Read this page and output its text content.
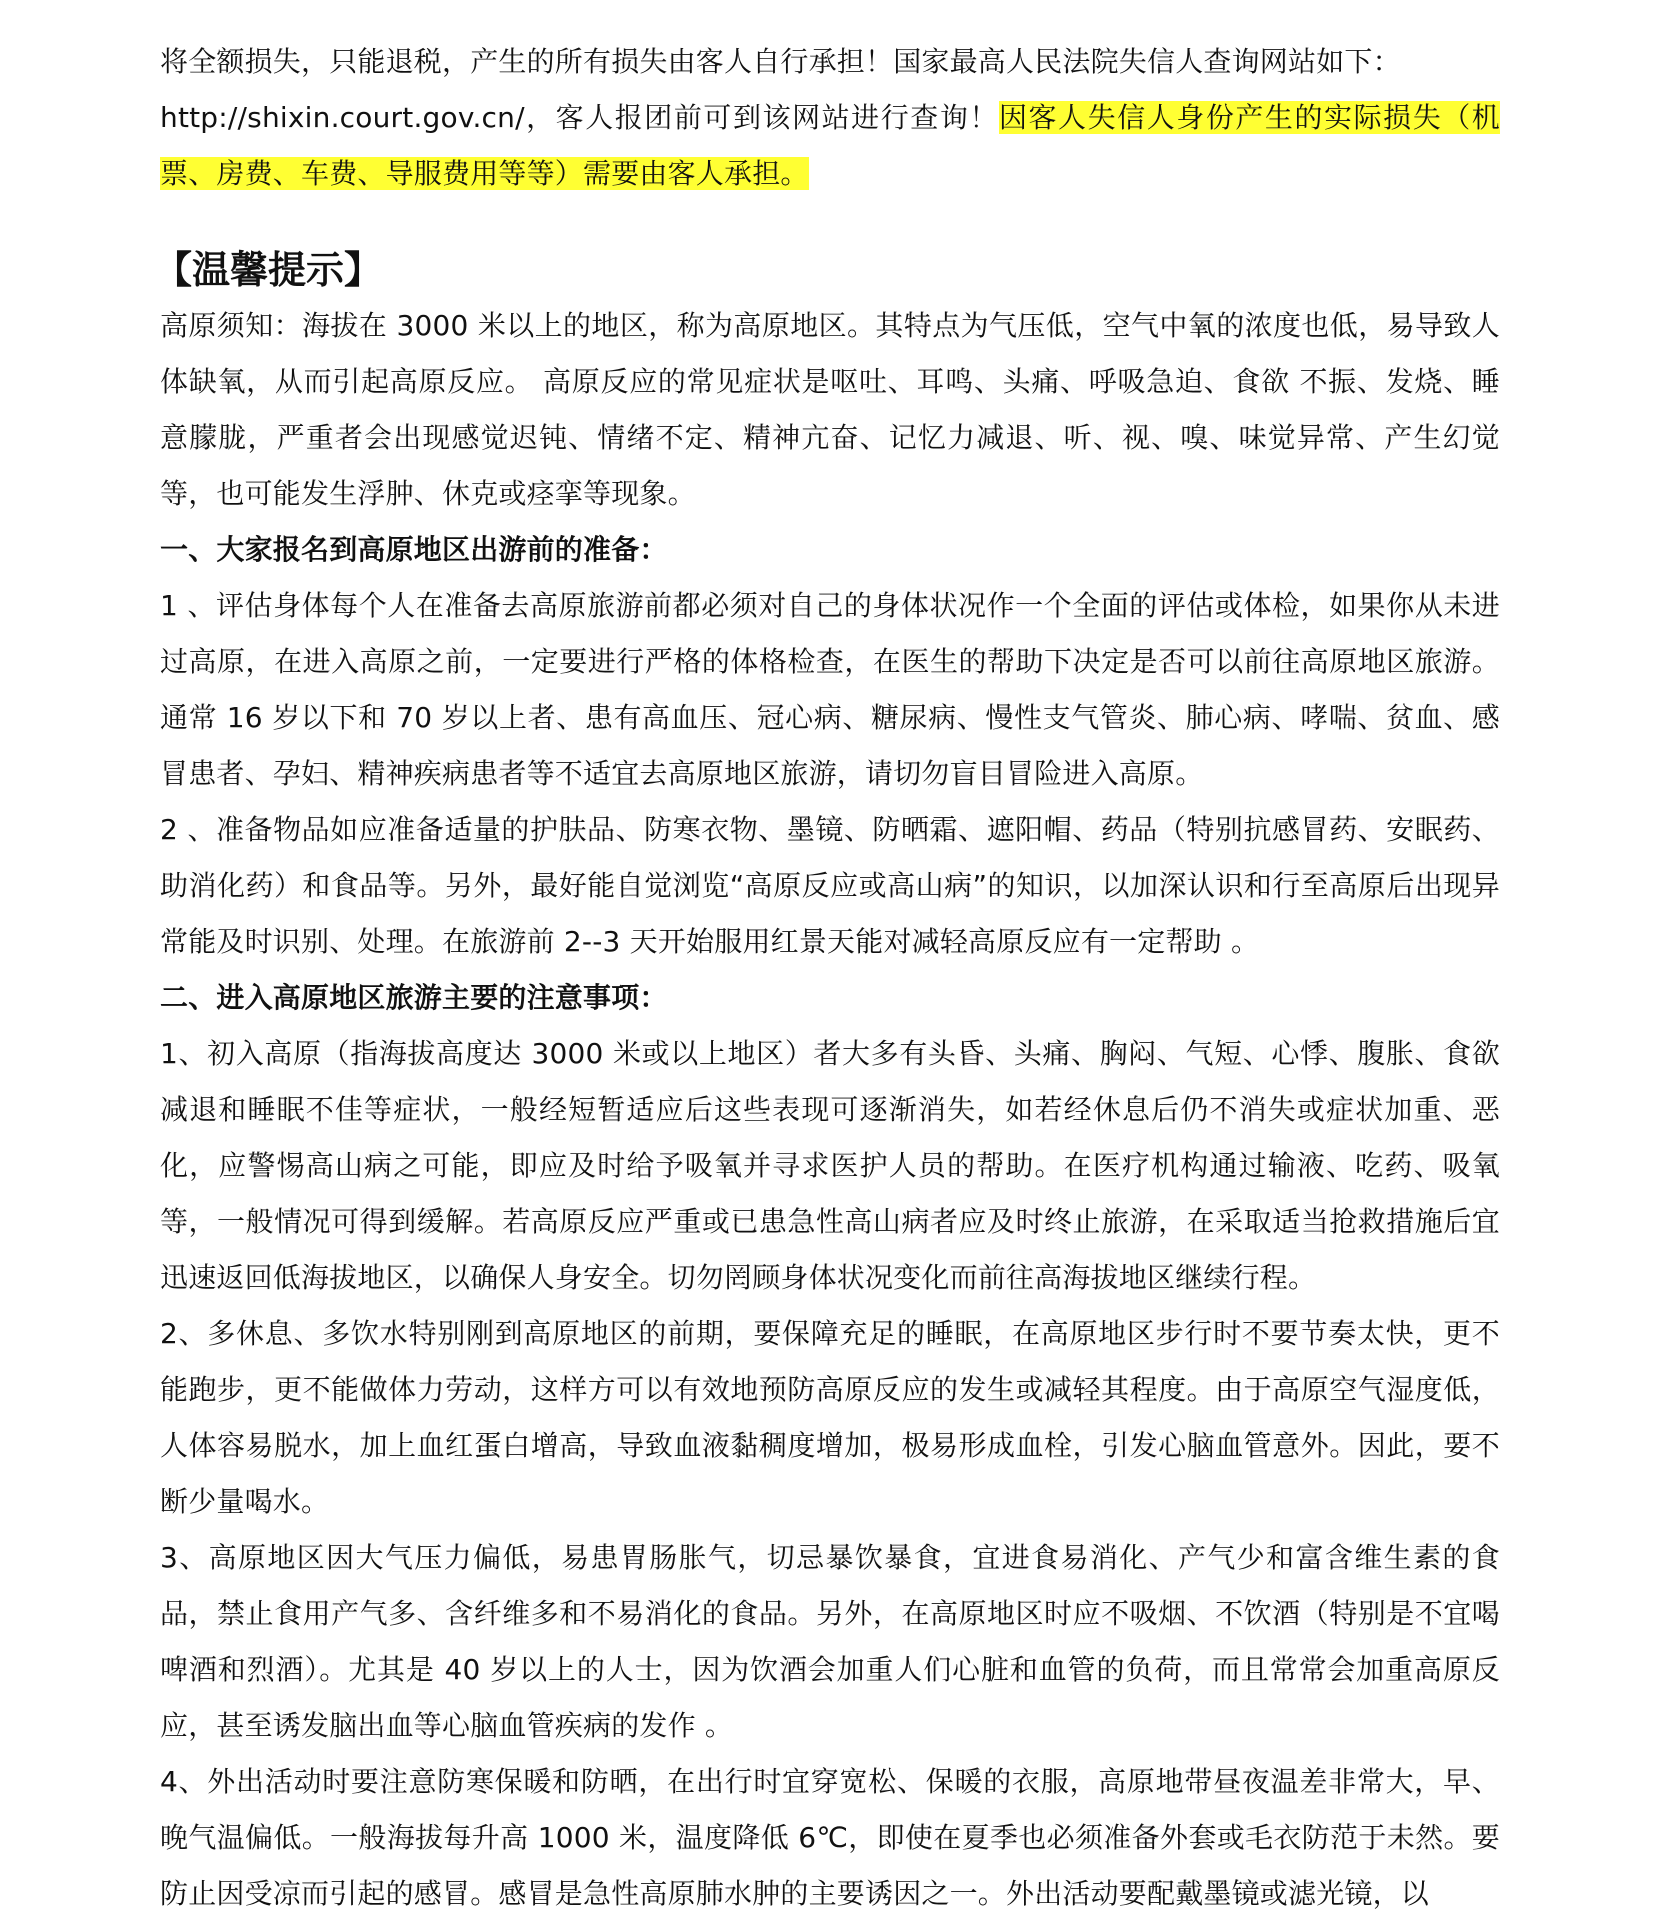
将全额损失，只能退税，产生的所有损失由客人自行承担！国家最高人民法院失信人查询网站如下：
http://shixin.court.gov.cn/，客人报团前可到该网站进行查询！因客人失信人身份产生的实际损失（机票、房费、车费、导服费用等等）需要由客人承担。

【温馨提示】

高原须知：海拔在 3000 米以上的地区，称为高原地区。其特点为气压低，空气中氧的浓度也低，易导致人体缺氧，从而引起高原反应。 高原反应的常见症状是呕吐、耳鸣、头痛、呼吸急迫、食欲 不振、发烧、睡意朦胧，严重者会出现感觉迟钝、情绪不定、精神亢奋、记忆力减退、听、视、嗅、味觉异常、产生幻觉等，也可能发生浮肿、休克或痉挛等现象。

一、大家报名到高原地区出游前的准备：

1 、评估身体每个人在准备去高原旅游前都必须对自己的身体状况作一个全面的评估或体检，如果你从未进过高原，在进入高原之前，一定要进行严格的体格检查，在医生的帮助下决定是否可以前往高原地区旅游。通常 16 岁以下和 70 岁以上者、患有高血压、冠心病、糖尿病、慢性支气管炎、肺心病、哮喘、贫血、感冒患者、孕妇、精神疾病患者等不适宜去高原地区旅游，请切勿盲目冒险进入高原。

2 、准备物品如应准备适量的护肤品、防寒衣物、墨镜、防晒霜、遮阳帽、药品（特别抗感冒药、安眠药、助消化药）和食品等。另外，最好能自觉浏览“高原反应或高山病”的知识，以加深认识和行至高原后出现异常能及时识别、处理。在旅游前 2--3 天开始服用红景天能对减轻高原反应有一定帮助 。

二、进入高原地区旅游主要的注意事项：

1、初入高原（指海拔高度达 3000 米或以上地区）者大多有头昏、头痛、胸闷、气短、心悸、腹胀、食欲减退和睡眠不佳等症状，一般经短暂适应后这些表现可逐渐消失，如若经休息后仍不消失或症状加重、恶化，应警惕高山病之可能，即应及时给予吸氧并寻求医护人员的帮助。在医疗机构通过输液、吃药、吸氧等，一般情况可得到缓解。若高原反应严重或已患急性高山病者应及时终止旅游，在采取适当抢救措施后宜迅速返回低海拔地区，以确保人身安全。切勿罔顾身体状况变化而前往高海拔地区继续行程。

2、多休息、多饮水特别刚到高原地区的前期，要保障充足的睡眠，在高原地区步行时不要节奏太快，更不能跑步，更不能做体力劳动，这样方可以有效地预防高原反应的发生或减轻其程度。由于高原空气湿度低，人体容易脱水，加上血红蛋白增高，导致血液黏稠度增加，极易形成血栓，引发心脑血管意外。因此，要不断少量喝水。

3、高原地区因大气压力偏低，易患胃肠胀气，切忌暴饮暴食，宜进食易消化、产气少和富含维生素的食品，禁止食用产气多、含纤维多和不易消化的食品。另外，在高原地区时应不吸烟、不饮酒（特别是不宜喝啤酒和烈酒）。尤其是 40 岁以上的人士，因为饮酒会加重人们心脏和血管的负荷，而且常常会加重高原反应，甚至诱发脑出血等心脑血管疾病的发作 。

4、外出活动时要注意防寒保暖和防晒，在出行时宜穿宽松、保暖的衣服，高原地带昼夜温差非常大，早、晚气温偏低。一般海拔每升高 1000 米，温度降低 6℃，即使在夏季也必须准备外套或毛衣防范于未然。要防止因受凉而引起的感冒。感冒是急性高原肺水肿的主要诱因之一。外出活动要配戴墨镜或滤光镜，以
